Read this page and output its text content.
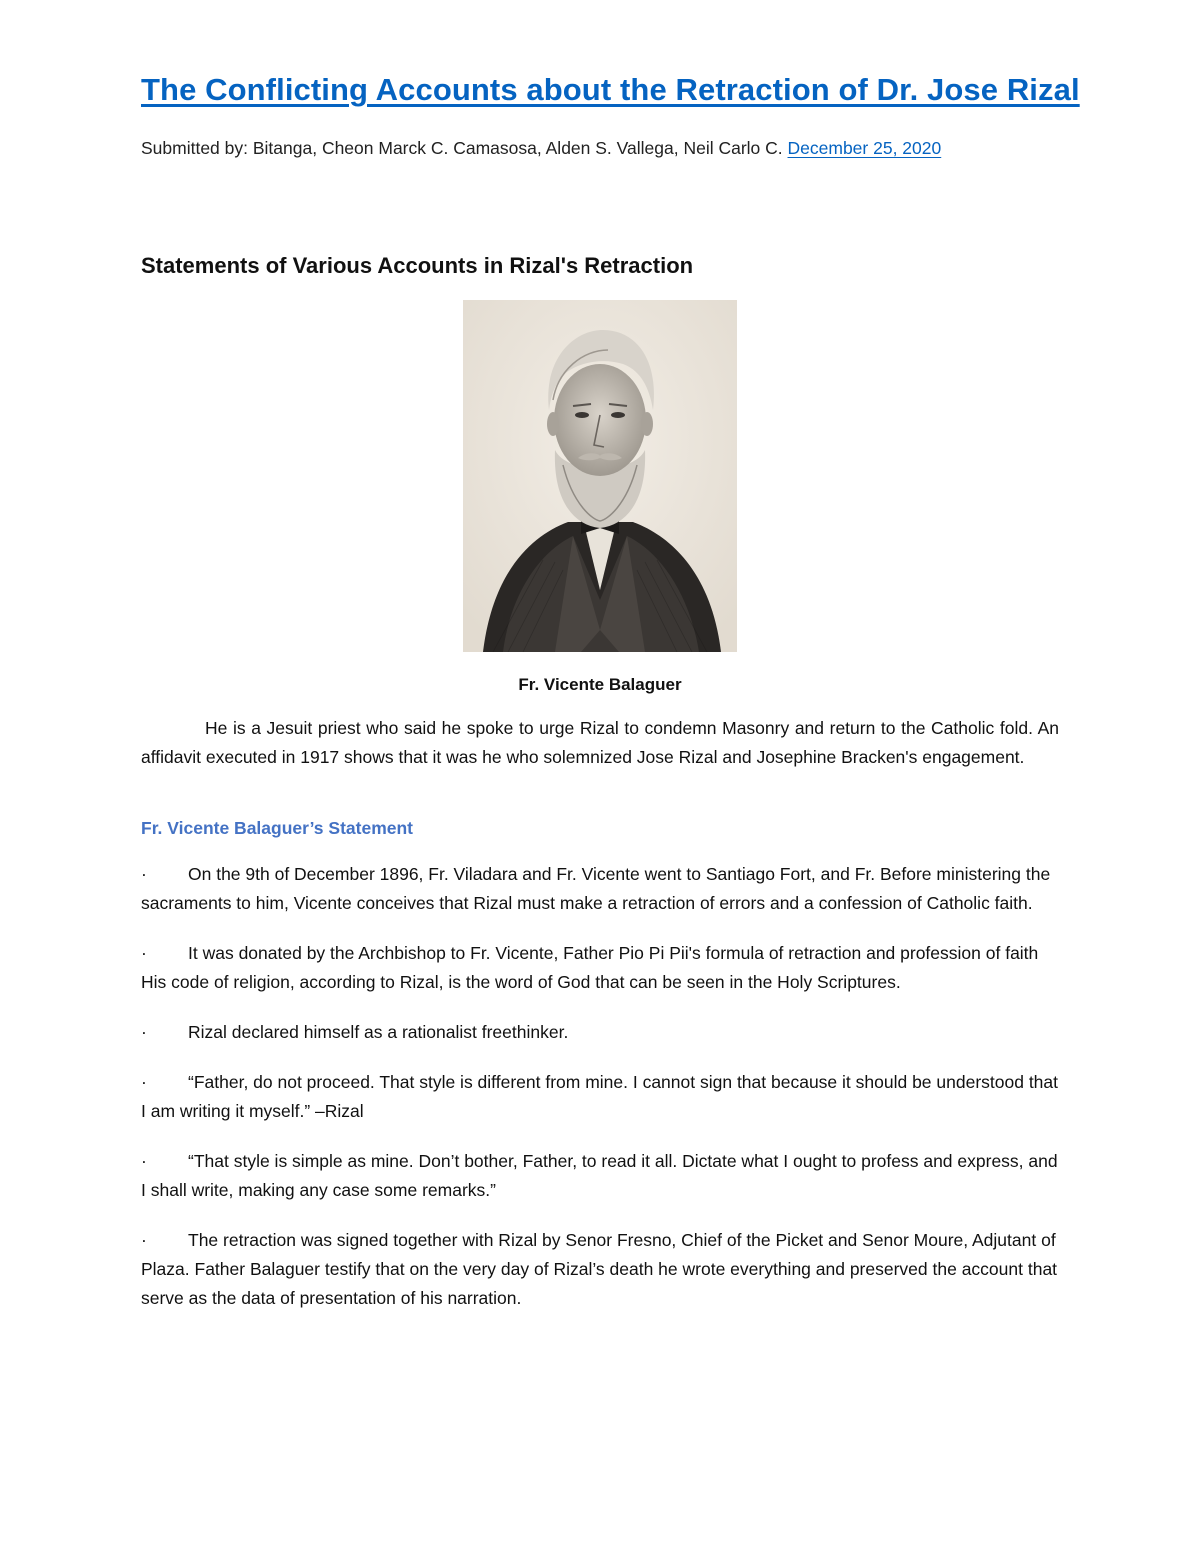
The Conflicting Accounts about the Retraction of Dr. Jose Rizal
Submitted by: Bitanga, Cheon Marck C. Camasosa, Alden S. Vallega, Neil Carlo C. December 25, 2020
Statements of Various Accounts in Rizal's Retraction
Fr. Vicente Balaguer

He is a Jesuit priest who said he spoke to urge Rizal to condemn Masonry and return to the Catholic fold. An affidavit executed in 1917 shows that it was he who solemnized Jose Rizal and Josephine Bracken's engagement.

Fr. Vicente Balaguer’s Statement
· On the 9th of December 1896, Fr. Viladara and Fr. Vicente went to Santiago Fort, and Fr. Before ministering the sacraments to him, Vicente conceives that Rizal must make a retraction of errors and a confession of Catholic faith.
· It was donated by the Archbishop to Fr. Vicente, Father Pio Pi Pii's formula of retraction and profession of faith His code of religion, according to Rizal, is the word of God that can be seen in the Holy Scriptures.
· Rizal declared himself as a rationalist freethinker.
· “Father, do not proceed. That style is different from mine. I cannot sign that because it should be understood that I am writing it myself.” –Rizal
· “That style is simple as mine. Don’t bother, Father, to read it all. Dictate what I ought to profess and express, and I shall write, making any case some remarks.”
· The retraction was signed together with Rizal by Senor Fresno, Chief of the Picket and Senor Moure, Adjutant of Plaza. Father Balaguer testify that on the very day of Rizal’s death he wrote everything and preserved the account that serve as the data of presentation of his narration.
